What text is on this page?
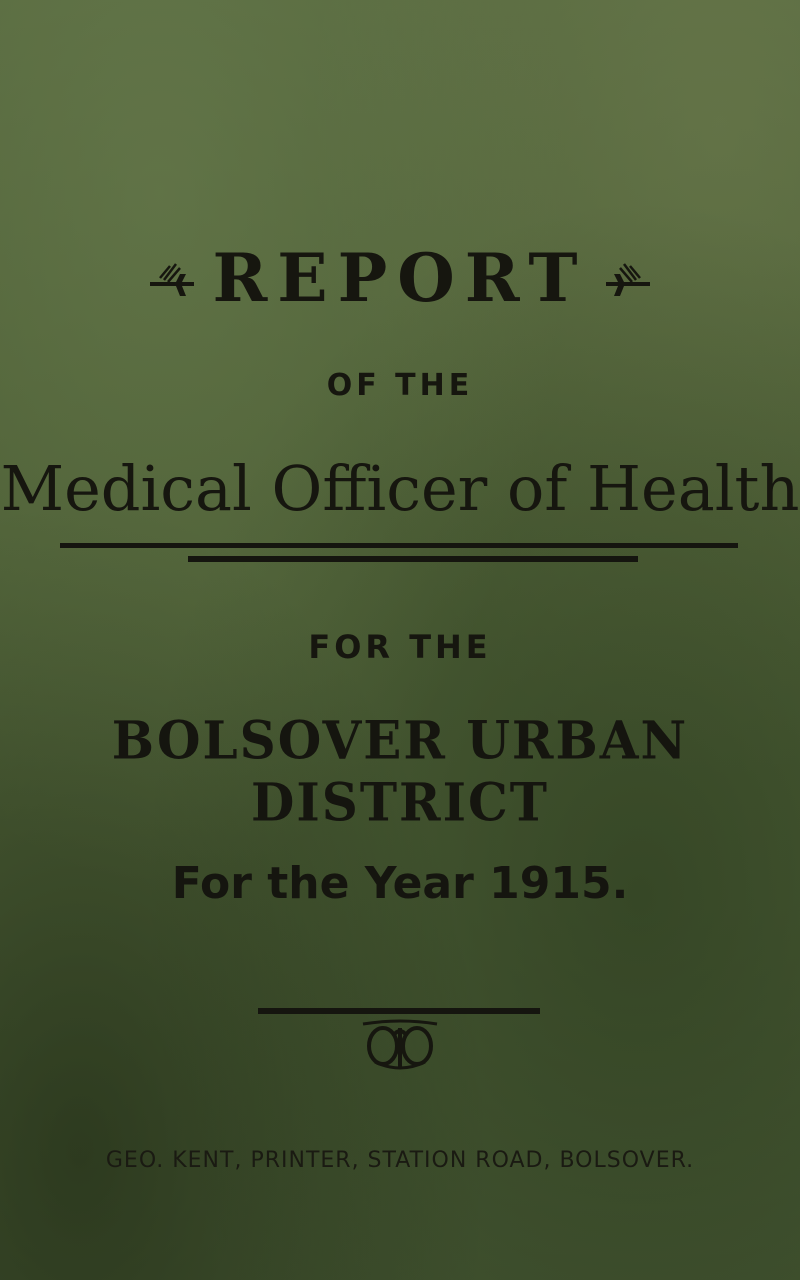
REPORT
OF THE
Medical Officer of Health
FOR THE
BOLSOVER URBAN DISTRICT
For the Year 1915.
GEO. KENT, PRINTER, STATION ROAD, BOLSOVER.
